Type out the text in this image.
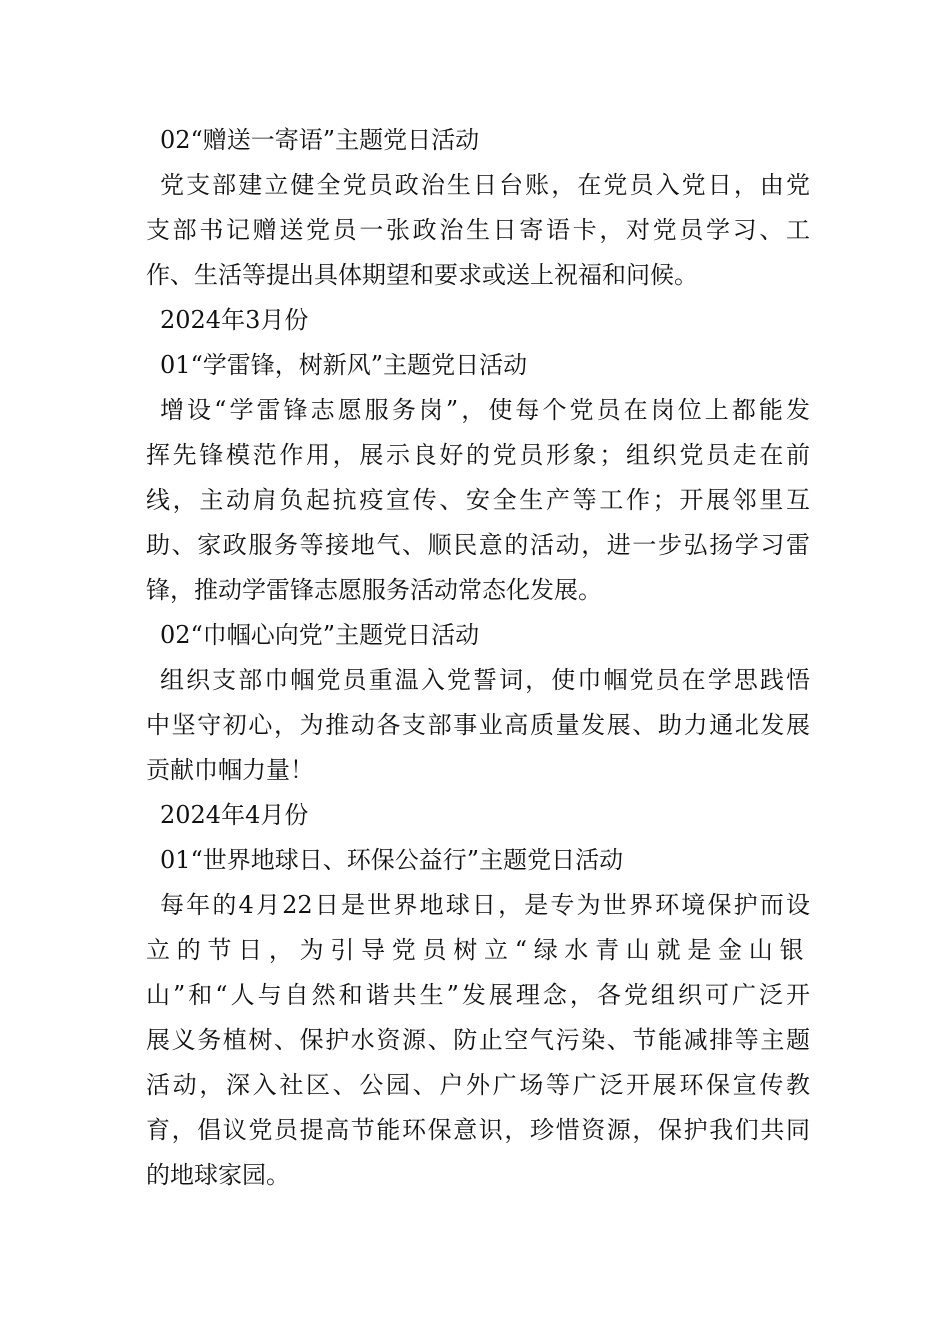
02“赠送一寄语”主题党日活动
党支部建立健全党员政治生日台账，在党员入党日，由党
支部书记赠送党员一张政治生日寄语卡，对党员学习、工
作、生活等提出具体期望和要求或送上祝福和问候。
2024年3月份
01“学雷锋，树新风”主题党日活动
增设“学雷锋志愿服务岗”，使每个党员在岗位上都能发
挥先锋模范作用，展示良好的党员形象；组织党员走在前
线，主动肩负起抗疫宣传、安全生产等工作；开展邻里互
助、家政服务等接地气、顺民意的活动，进一步弘扬学习雷
锋，推动学雷锋志愿服务活动常态化发展。
02“巾帼心向党”主题党日活动
组织支部巾帼党员重温入党誓词，使巾帼党员在学思践悟
中坚守初心，为推动各支部事业高质量发展、助力通北发展
贡献巾帼力量！
2024年4月份
01“世界地球日、环保公益行”主题党日活动
每年的4月22日是世界地球日，是专为世界环境保护而设
立的节日，为引导党员树立“绿水青山就是金山银
山”和“人与自然和谐共生”发展理念，各党组织可广泛开
展义务植树、保护水资源、防止空气污染、节能减排等主题
活动，深入社区、公园、户外广场等广泛开展环保宣传教
育，倡议党员提高节能环保意识，珍惜资源，保护我们共同
的地球家园。
